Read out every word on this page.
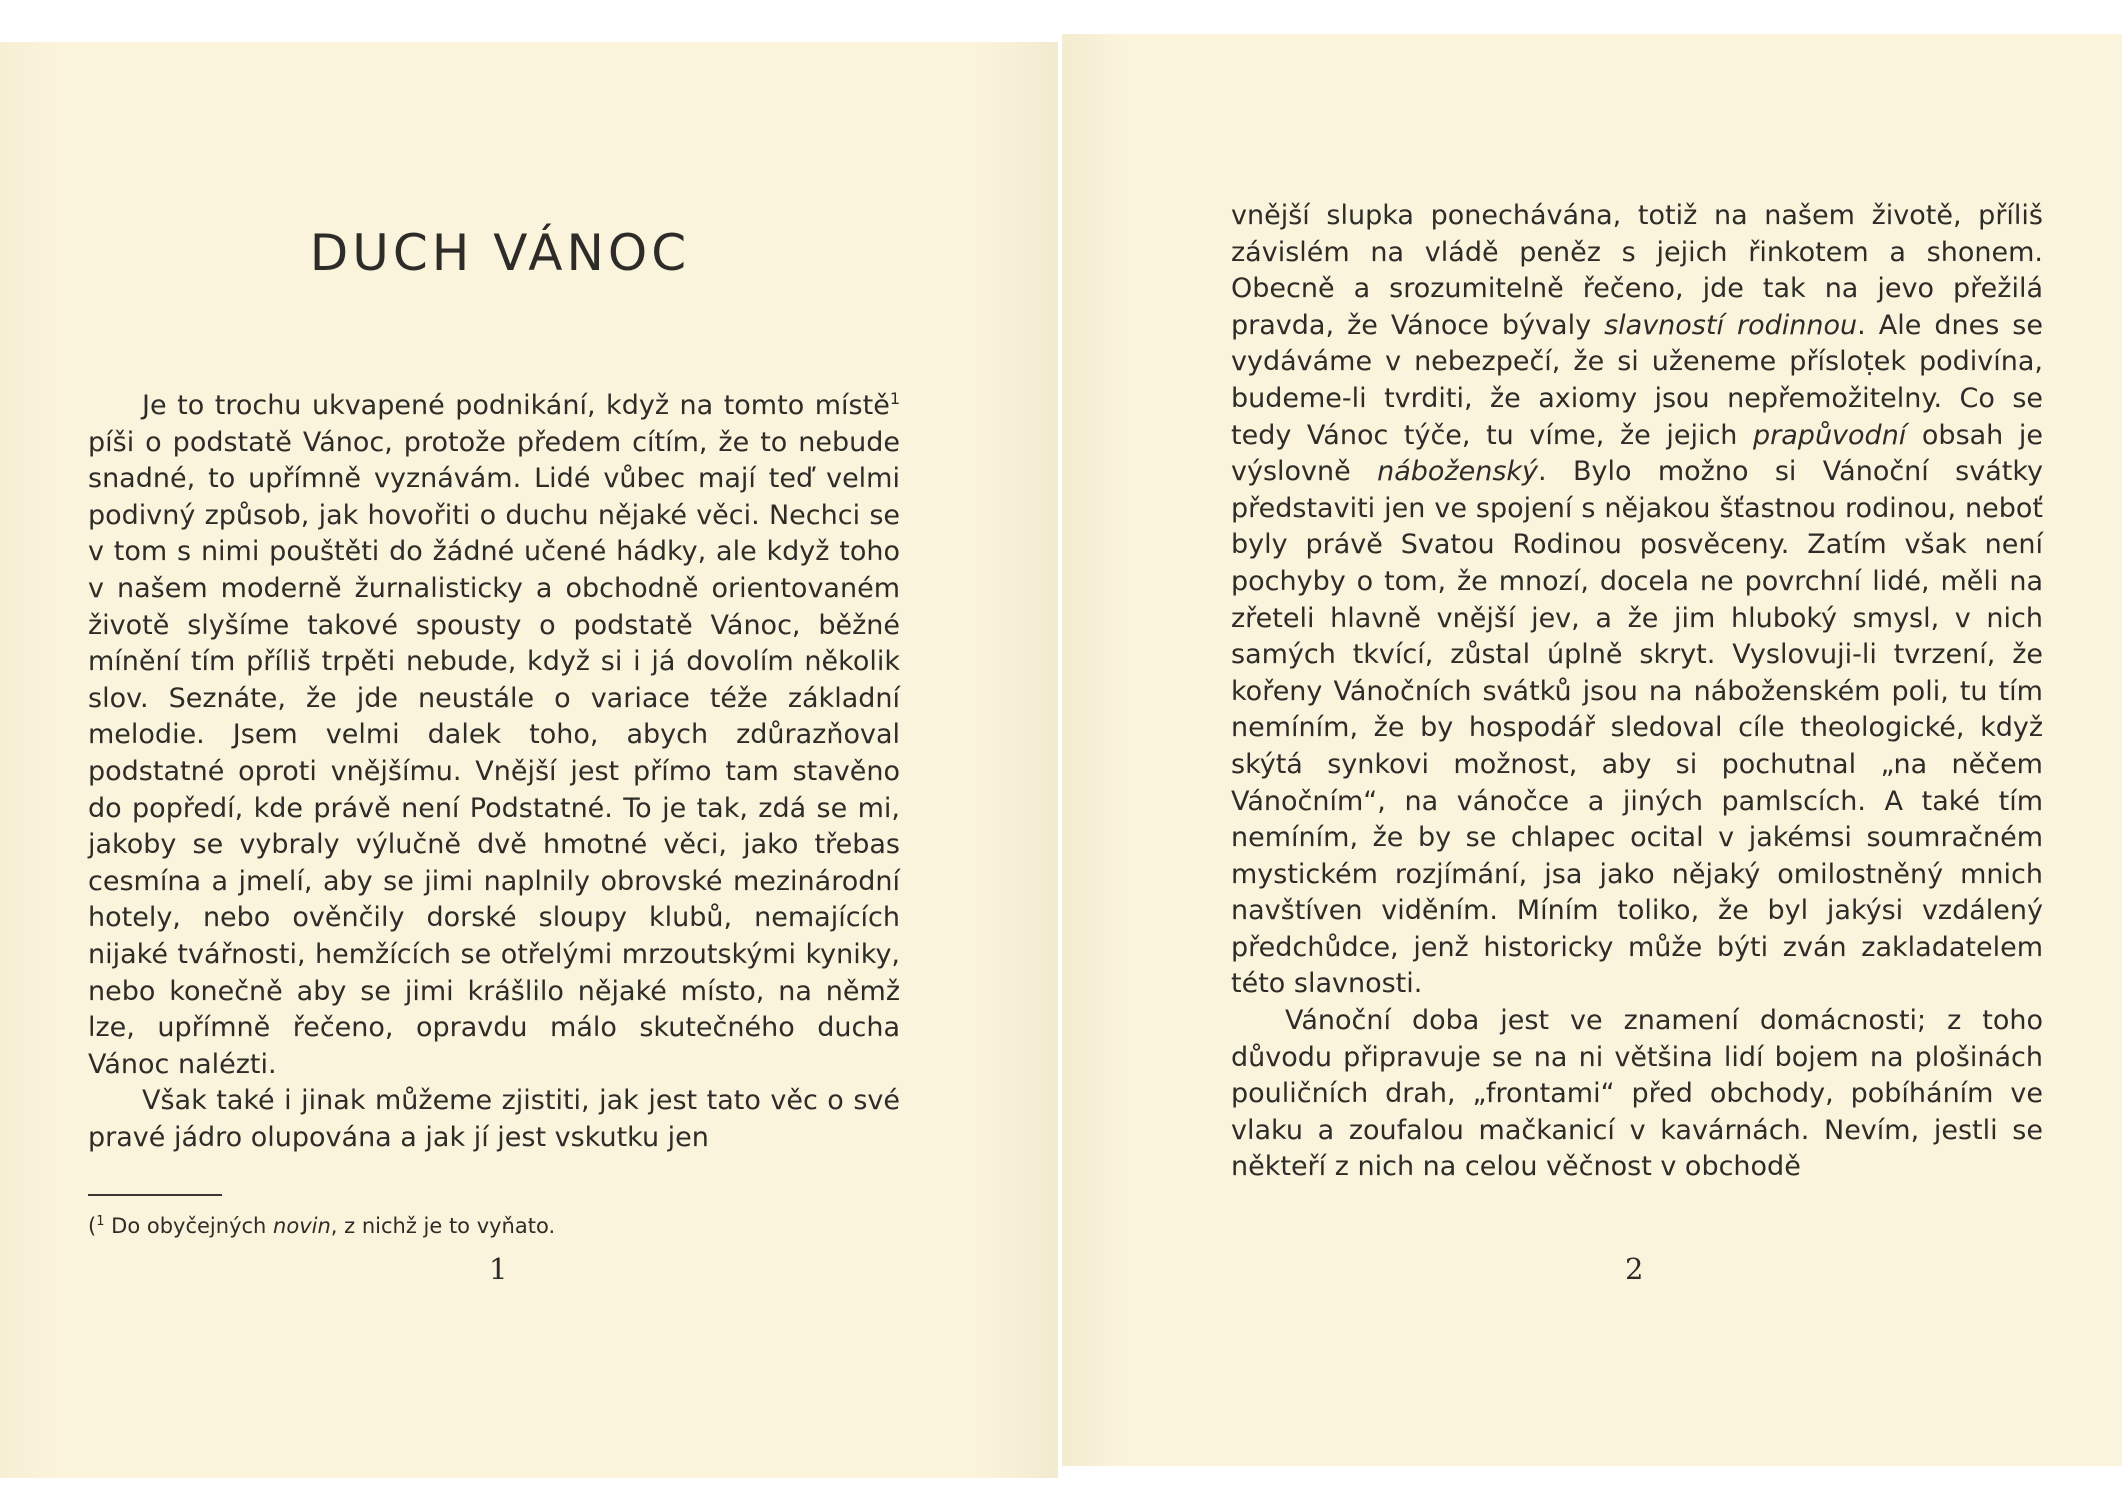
DUCH VÁNOC

Je to trochu ukvapené podnikání, když na tomto místě$^1$ píši o podstatě Vánoc, protože předem cítím, že to nebude snadné, to upřímně vyznávám. Lidé vůbec mají teď velmi podivný způsob, jak hovořiti o duchu nějaké věci. Nechci se v tom s nimi pouštěti do žádné učené hádky, ale když toho v našem moderně žurnalisticky a obchodně orientovaném životě slyšíme takové spousty o podstatě Vánoc, běžné mínění tím příliš trpěti nebude, když si i já dovolím několik slov. Seznáte, že jde neustále o variace téže základní melodie. Jsem velmi dalek toho, abych zdůrazňoval podstatné oproti vnějšímu. Vnější jest přímo tam stavěno do popředí, kde právě není Podstatné. To je tak, zdá se mi, jakoby se vybraly výlučně dvě hmotné věci, jako třebas cesmína a jmelí, aby se jimi naplnily obrovské mezinárodní hotely, nebo ověnčily dorské sloupy klubů, nemajících nijaké tvářnosti, hemžících se otřelými mrzoutskými kyniky, nebo konečně aby se jimi krášlilo nějaké místo, na němž lze, upřímně řečeno, opravdu málo skutečného ducha Vánoc nalézti.

Však také i jinak můžeme zjistiti, jak jest tato věc o své pravé jádro olupována a jak jí jest vskutku jen

($^1$ Do obyčejných novin, z nichž je to vyňato.
1

vnější slupka ponechávána, totiž na našem životě, příliš závislém na vládě peněz s jejich řinkotem a shonem. Obecně a srozumitelně řečeno, jde tak na jevo přežilá pravda, že Vánoce bývaly slavností rodinnou. Ale dnes se vydáváme v nebezpečí, že si uženeme přísloṭek podivína, budeme-li tvrditi, že axiomy jsou nepřemožitelny. Co se tedy Vánoc týče, tu víme, že jejich prapůvodní obsah je výslovně náboženský. Bylo možno si Vánoční svátky představiti jen ve spojení s nějakou šťastnou rodinou, neboť byly právě Svatou Rodinou posvěceny. Zatím však není pochyby o tom, že mnozí, docela ne povrchní lidé, měli na zřeteli hlavně vnější jev, a že jim hluboký smysl, v nich samých tkvící, zůstal úplně skryt. Vyslovuji-li tvrzení, že kořeny Vánočních svátků jsou na náboženském poli, tu tím nemíním, že by hospodář sledoval cíle theologické, když skýtá synkovi možnost, aby si pochutnal „na něčem Vánočním“, na vánočce a jiných pamlscích. A také tím nemíním, že by se chlapec ocital v jakémsi soumračném mystickém rozjímání, jsa jako nějaký omilostněný mnich navštíven viděním. Míním toliko, že byl jakýsi vzdálený předchůdce, jenž historicky může býti zván zakladatelem této slavnosti.

Vánoční doba jest ve znamení domácnosti; z toho důvodu připravuje se na ni většina lidí bojem na plošinách pouličních drah, „frontami“ před obchody, pobíháním ve vlaku a zoufalou mačkanicí v kavárnách. Nevím, jestli se někteří z nich na celou věčnost v obchodě

2
